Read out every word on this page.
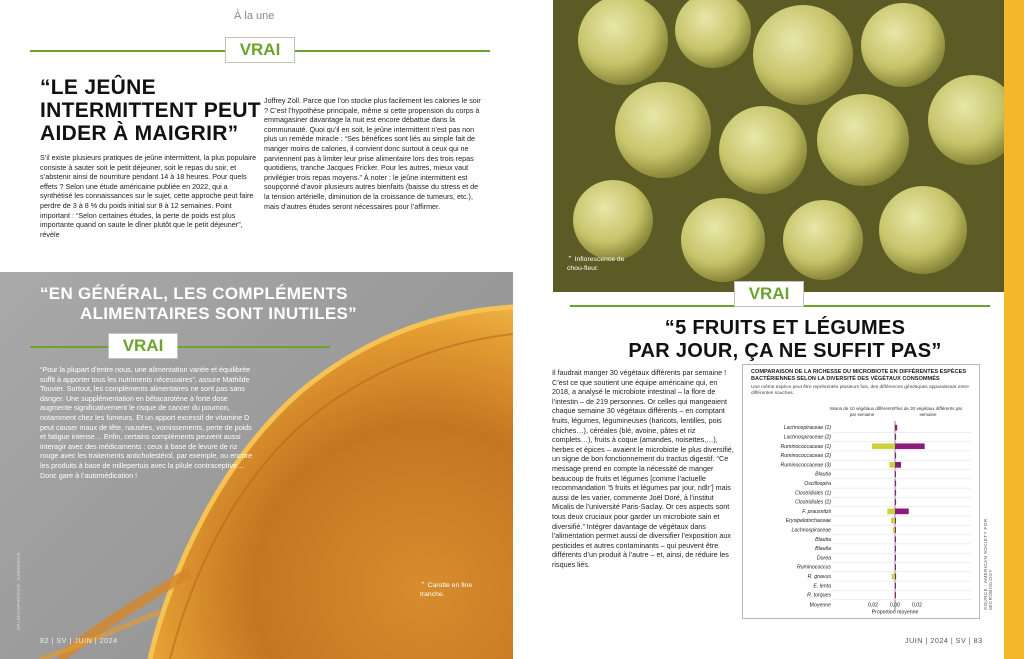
À la une
VRAI
“LE JEÛNE
INTERMITTENT PEUT
AIDER À MAIGRIR”
S’il existe plusieurs pratiques de jeûne intermittent, la plus populaire consiste à sauter soit le petit déjeuner, soit le repas du soir, et s’abstenir ainsi de nourriture pendant 14 à 18 heures. Pour quels effets ? Selon une étude américaine publiée en 2022, qui a synthétisé les connaissances sur le sujet, cette approche peut faire perdre de 3 à 8 % du poids initial sur 8 à 12 semaines. Point important : “Selon certaines études, la perte de poids est plus importante quand on saute le dîner plutôt que le petit déjeuner”, révèle
Joffrey Zoll. Parce que l’on stocke plus facilement les calories le soir ? C’est l’hypothèse principale, même si cette propension du corps à emmagasiner davantage la nuit est encore débattue dans la communauté. Quoi qu’il en soit, le jeûne intermittent n’est pas non plus un remède miracle : “Ses bénéfices sont liés au simple fait de manger moins de calories, il convient donc surtout à ceux qui ne parviennent pas à limiter leur prise alimentaire lors des trois repas quotidiens, tranche Jacques Fricker. Pour les autres, mieux vaut privilégier trois repas moyens.” À noter : le jeûne intermittent est soupçonné d’avoir plusieurs autres bienfaits (baisse du stress et de la tension artérielle, diminution de la croissance de tumeurs, etc.), mais d’autres études seront nécessaires pour l’affirmer.
VRAI
“EN GÉNÉRAL, LES COMPLÉMENTS
ALIMENTAIRES SONT INUTILES”
“Pour la plupart d’entre nous, une alimentation variée et équilibrée suffit à apporter tous les nutriments nécessaires”, assure Mathilde Touvier. Surtout, les compléments alimentaires ne sont pas sans danger. Une supplémentation en bêtacarotène à forte dose augmente significativement le risque de cancer du poumon, notamment chez les fumeurs. Et un apport excessif de vitamine D peut causer maux de tête, nausées, vomissements, perte de poids et fatigue intense… Enfin, certains compléments peuvent aussi interagir avec des médicaments : ceux à base de levure de riz rouge avec les traitements anticholestérol, par exemple, ou encore les produits à base de millepertuis avec la pilule contraceptive… Donc gare à l’automédication !
⌃ Carotte en fine tranche.
SPL/BIOSPHOTO/R. SJÖNGREN
82 | SV | JUIN | 2024
⌃ Inflorescence de chou-fleur.
VRAI
“5 FRUITS ET LÉGUMES
PAR JOUR, ÇA NE SUFFIT PAS”
Il faudrait manger 30 végétaux différents par semaine ! C’est ce que soutient une équipe américaine qui, en 2018, a analysé le microbiote intestinal – la flore de l’intestin – de 219 personnes. Or celles qui mangeaient chaque semaine 30 végétaux différents – en comptant fruits, légumes, légumineuses (haricots, lentilles, pois chiches…), céréales (blé, avoine, pâtes et riz complets…), fruits à coque (amandes, noisettes,…), herbes et épices – avaient le microbiote le plus diversifié, un signe de bon fonctionnement du tractus digestif. “Ce message prend en compte la nécessité de manger beaucoup de fruits et légumes [comme l’actuelle recommandation ‘5 fruits et légumes par jour, ndlr’] mais aussi de les varier, commente Joël Doré, à l’institut Micalis de l’université Paris-Saclay. Or ces aspects sont tous deux cruciaux pour garder un microbiote sain et diversifié.” Intégrer davantage de végétaux dans l’alimentation permet aussi de diversifier l’exposition aux pesticides et autres contaminants – qui peuvent être différents d’un produit à l’autre – et, ainsi, de réduire les risques liés.
COMPARAISON DE LA RICHESSE DU MICROBIOTE EN DIFFÉRENTES ESPÈCES BACTÉRIENNES SELON LA DIVERSITÉ DES VÉGÉTAUX CONSOMMÉS
Une même espèce peut être représentée plusieurs fois, des différences génétiques apparaissant entre différentes souches.
Moins de 10 végétaux différents par semaine
Plus de 30 végétaux différents par semaine
Lachnospiraceae (1)
Lachnospiraceae (2)
Ruminococcaceae (1)
Ruminococcaceae (2)
Ruminococcaceae (3)
Blautia
Oscillospira
Clostridiales (1)
Clostridiales (2)
F. prausnitzii
Erysipelotrichaceae
Lachnospiraceae
Blautia
Blautia
Dorea
Ruminococcus
R. gnavus
E. lenta
R. torques
Moyenne	0,02 0,00 0,02
Proportion moyenne
SOURCE : AMERICAN SOCIETY FOR MICROBIOLOGY
JUIN | 2024 | SV | 83
